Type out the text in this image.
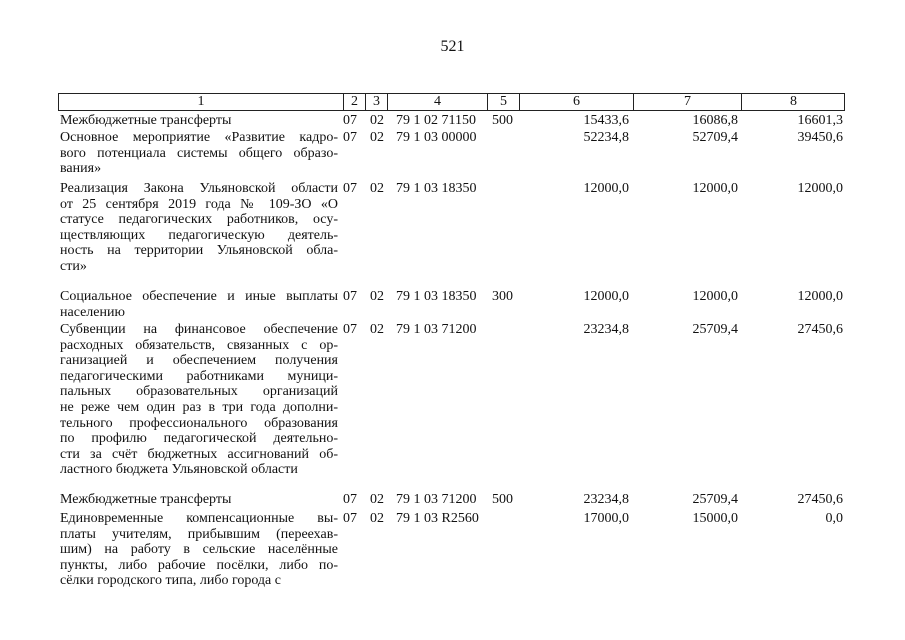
521
1	2	3	4	5	6	7	8
Межбюджетные трансферты	07 02 79 1 02 71150 500	15433,6	16086,8	16601,3
Основное мероприятие «Развитие кадро-
вого потенциала системы общего образо-
вания»
07 02 79 1 03 00000	52234,8	52709,4	39450,6
Реализация Закона Ульяновской области
от 25 сентября 2019 года № 109-ЗО «О
статусе педагогических работников, осу-
ществляющих педагогическую деятель-
ность на территории Ульяновской обла-
сти»
07 02 79 1 03 18350	12000,0	12000,0	12000,0
Социальное обеспечение и иные выплаты
населению
07 02 79 1 03 18350 300	12000,0	12000,0	12000,0
Субвенции на финансовое обеспечение
расходных обязательств, связанных с ор-
ганизацией и обеспечением получения
педагогическими работниками муници-
пальных образовательных организаций
не реже чем один раз в три года дополни-
тельного профессионального образования
по профилю педагогической деятельно-
сти за счёт бюджетных ассигнований об-
ластного бюджета Ульяновской области
07 02 79 1 03 71200	23234,8	25709,4	27450,6
Межбюджетные трансферты	07 02 79 1 03 71200 500	23234,8	25709,4	27450,6
Единовременные компенсационные вы-
платы учителям, прибывшим (переехав-
шим) на работу в сельские населённые
пункты, либо рабочие посёлки, либо по-
сёлки городского типа, либо города с
07 02 79 1 03 R2560	17000,0	15000,0	0,0
